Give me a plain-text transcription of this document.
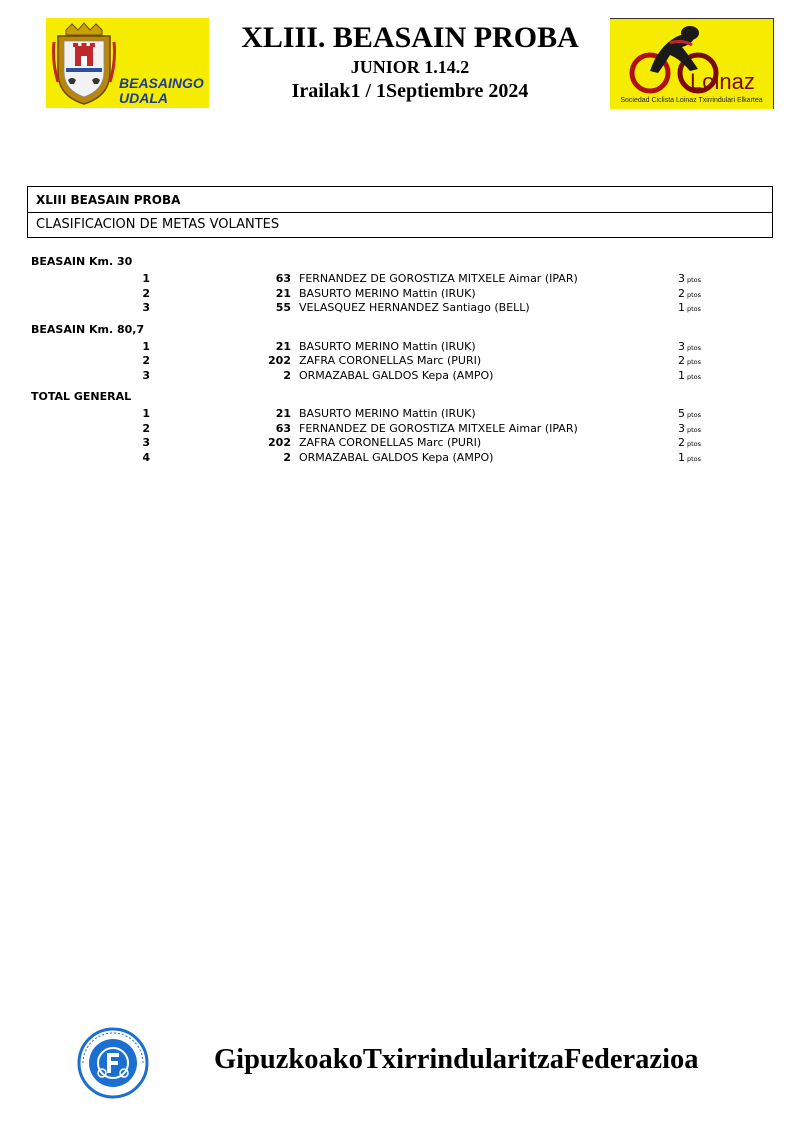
BEASAINGO
UDALA
XLIII. BEASAIN PROBA
JUNIOR 1.14.2
Irailak1 / 1Septiembre 2024	Loinaz
Sociedad Ciclista Loinaz Txirrindulari Elkartea
XLIII BEASAIN PROBA
CLASIFICACION DE METAS VOLANTES
BEASAIN Km. 30
1	63 FERNANDEZ DE GOROSTIZA MITXELE Aimar (IPAR)	3 ptos
2	21 BASURTO MERINO Mattin (IRUK)	2 ptos
3	55 VELASQUEZ HERNANDEZ Santiago (BELL)	1 ptos
BEASAIN Km. 80,7
1	21 BASURTO MERINO Mattin (IRUK)	3 ptos
2	202 ZAFRA CORONELLAS Marc (PURI)	2 ptos
3	2 ORMAZABAL GALDOS Kepa (AMPO)	1 ptos
TOTAL GENERAL
1	21 BASURTO MERINO Mattin (IRUK)	5 ptos
2	63 FERNANDEZ DE GOROSTIZA MITXELE Aimar (IPAR)	3 ptos
3	202 ZAFRA CORONELLAS Marc (PURI)	2 ptos
4	2 ORMAZABAL GALDOS Kepa (AMPO)	1 ptos
GipuzkoakoTxirrindularitzaFederazioa
